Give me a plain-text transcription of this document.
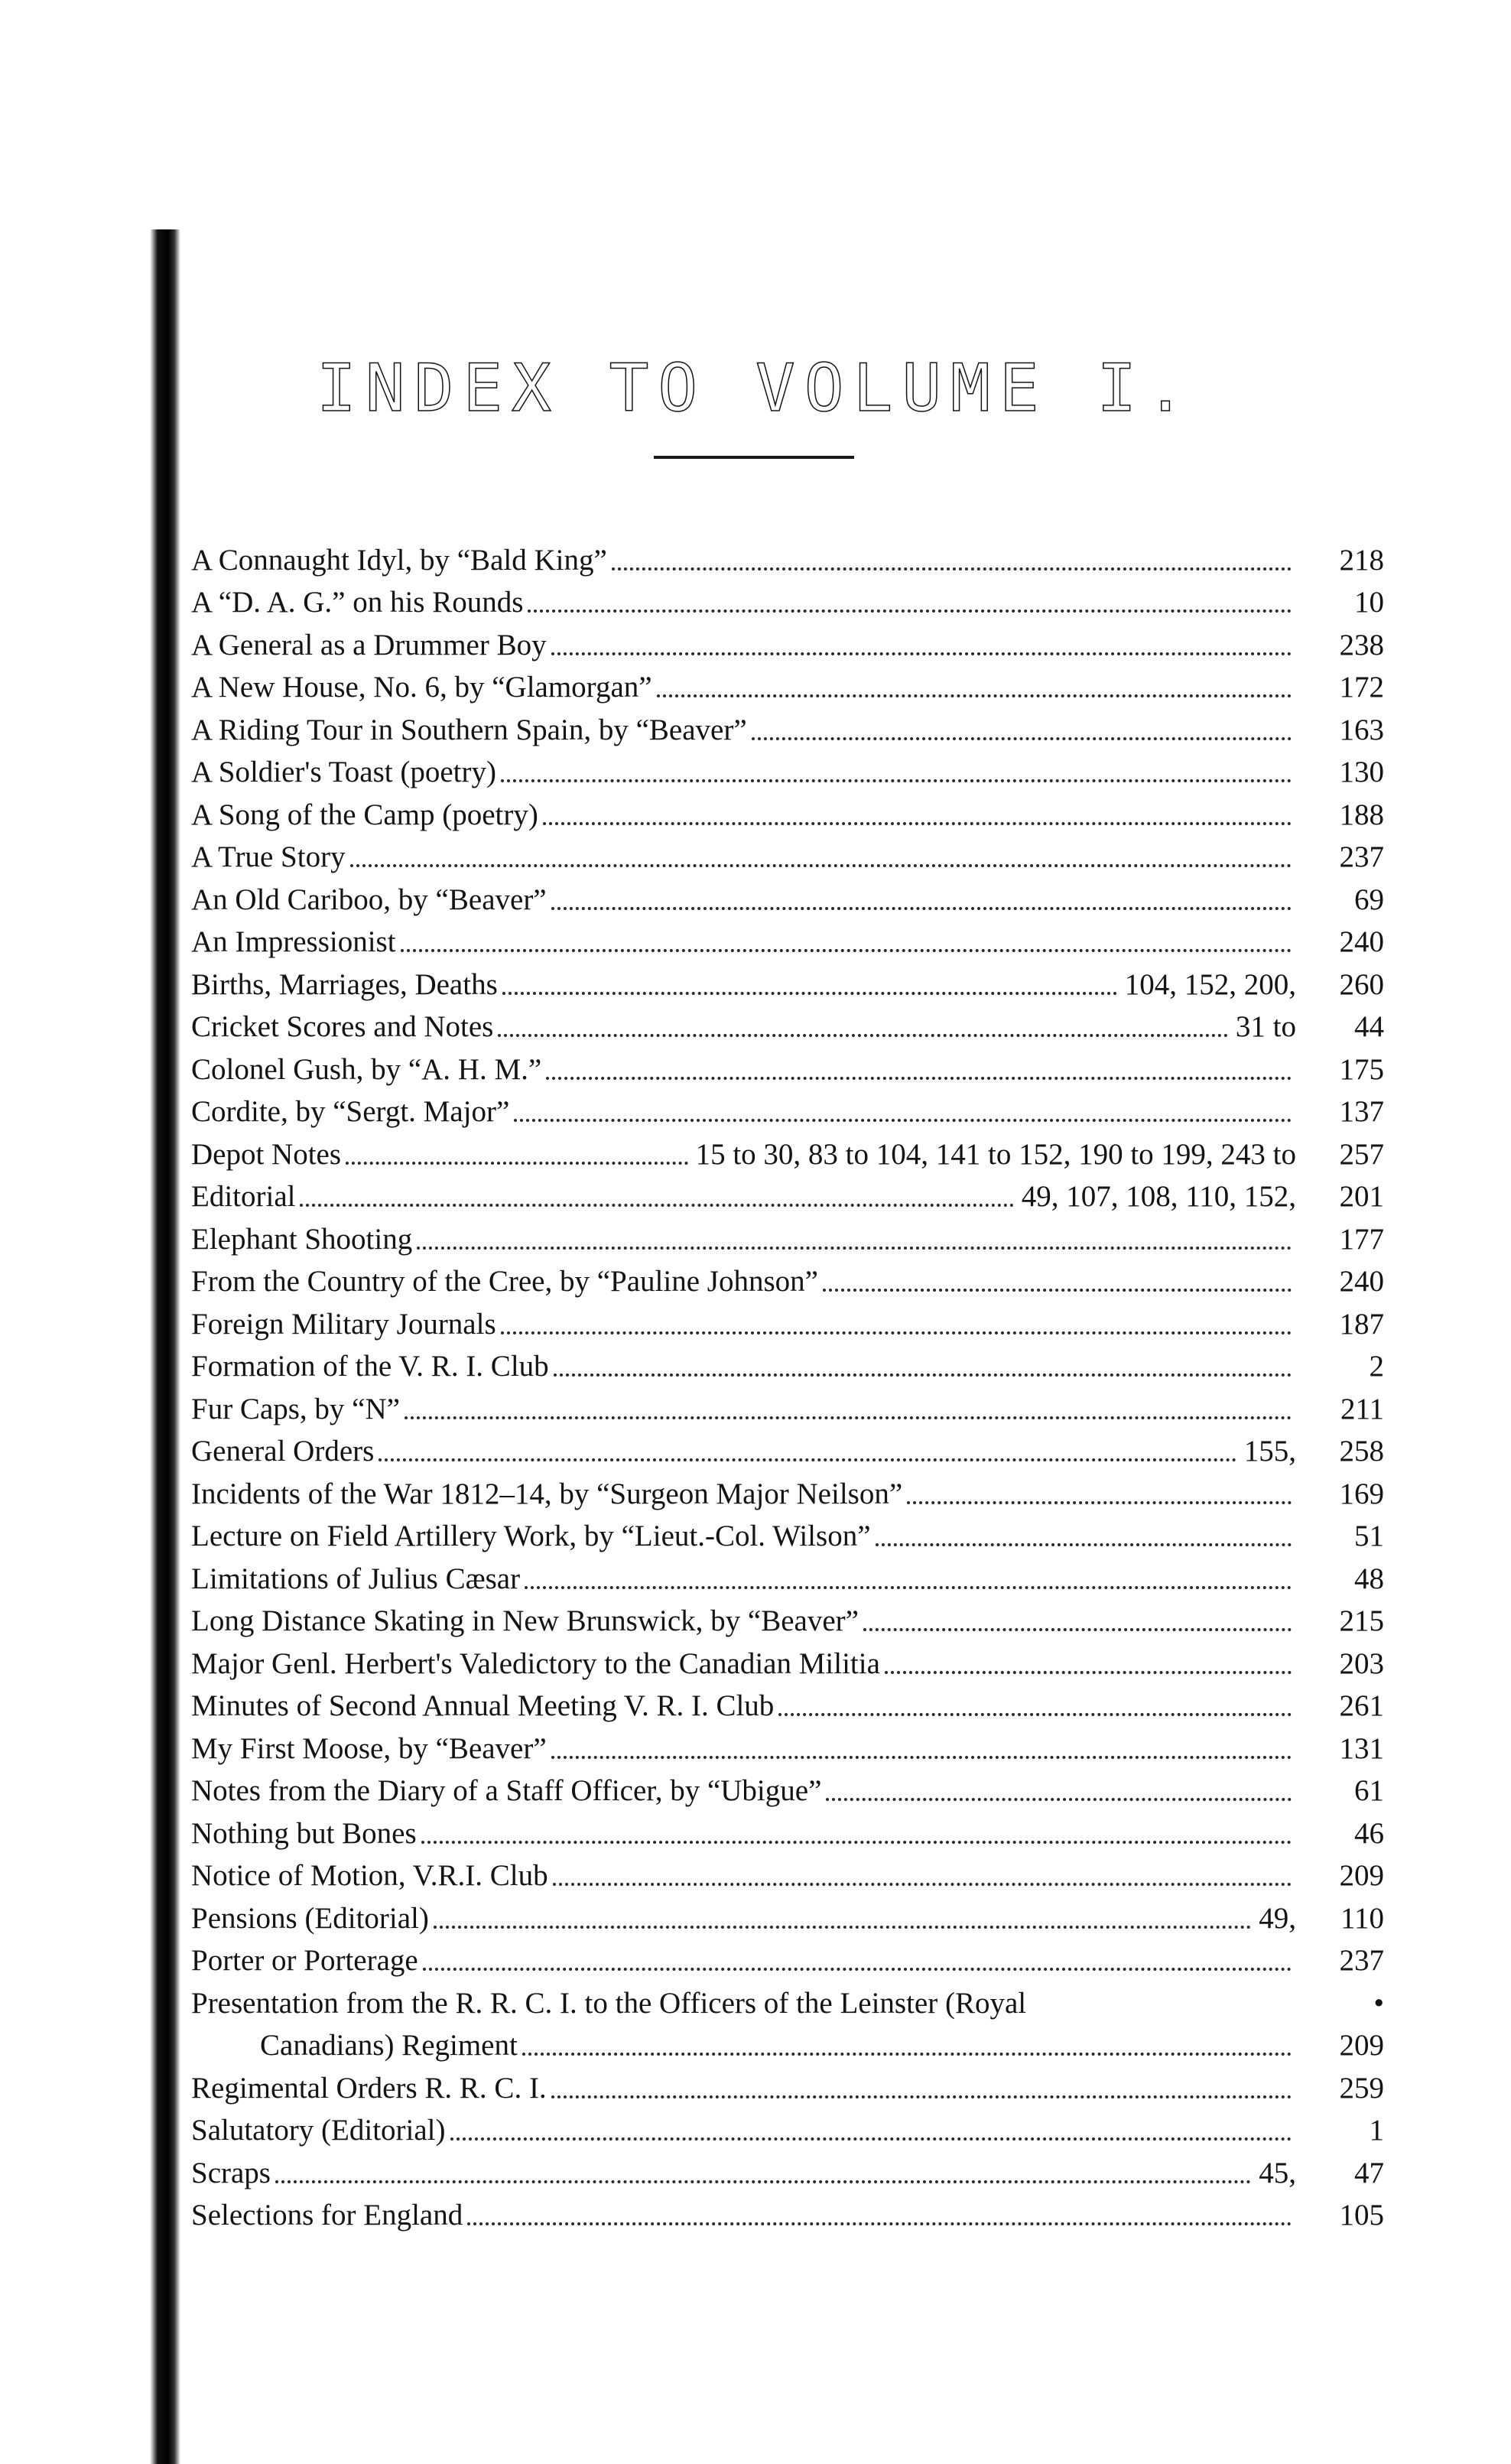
INDEX TO VOLUME I.
A Connaught Idyl, by “Bald King”	218
A “D. A. G.” on his Rounds	10
A General as a Drummer Boy	238
A New House, No. 6, by “Glamorgan”	172
A Riding Tour in Southern Spain, by “Beaver”	163
A Soldier's Toast (poetry)	130
A Song of the Camp (poetry)	188
A True Story	237
An Old Cariboo, by “Beaver”	69
An Impressionist	240
Births, Marriages, Deaths	104, 152, 200,	260
Cricket Scores and Notes	31 to	44
Colonel Gush, by “A. H. M.”	175
Cordite, by “Sergt. Major”	137
Depot Notes	15 to 30, 83 to 104, 141 to 152, 190 to 199, 243 to	257
Editorial	49, 107, 108, 110, 152,	201
Elephant Shooting	177
From the Country of the Cree, by “Pauline Johnson”	240
Foreign Military Journals	187
Formation of the V. R. I. Club	2
Fur Caps, by “N”	211
General Orders	155,	258
Incidents of the War 1812–14, by “Surgeon Major Neilson”	169
Lecture on Field Artillery Work, by “Lieut.-Col. Wilson”	51
Limitations of Julius Cæsar	48
Long Distance Skating in New Brunswick, by “Beaver”	215
Major Genl. Herbert's Valedictory to the Canadian Militia	203
Minutes of Second Annual Meeting V. R. I. Club	261
My First Moose, by “Beaver”	131
Notes from the Diary of a Staff Officer, by “Ubigue”	61
Nothing but Bones	46
Notice of Motion, V.R.I. Club	209
Pensions (Editorial)	49,	110
Porter or Porterage	237
Presentation from the R. R. C. I. to the Officers of the Leinster (Royal	•
Canadians) Regiment	209
Regimental Orders R. R. C. I.	259
Salutatory (Editorial)	1
Scraps	45,	47
Selections for England	105
